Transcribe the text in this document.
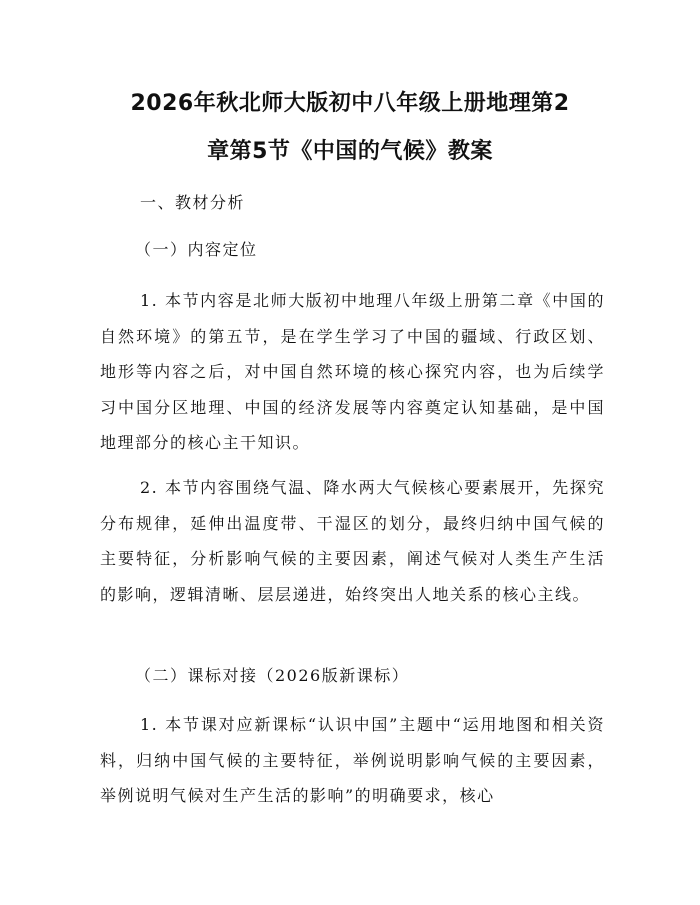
2026年秋北师大版初中八年级上册地理第2
章第5节《中国的气候》教案

一、教材分析

（一）内容定位

1. 本节内容是北师大版初中地理八年级上册第二章《中国的自然环境》的第五节，是在学生学习了中国的疆域、行政区划、地形等内容之后，对中国自然环境的核心探究内容，也为后续学习中国分区地理、中国的经济发展等内容奠定认知基础，是中国地理部分的核心主干知识。

2. 本节内容围绕气温、降水两大气候核心要素展开，先探究分布规律，延伸出温度带、干湿区的划分，最终归纳中国气候的主要特征，分析影响气候的主要因素，阐述气候对人类生产生活的影响，逻辑清晰、层层递进，始终突出人地关系的核心主线。

（二）课标对接（2026版新课标）

1. 本节课对应新课标“认识中国”主题中“运用地图和相关资料，归纳中国气候的主要特征，举例说明影响气候的主要因素，举例说明气候对生产生活的影响”的明确要求，核心
